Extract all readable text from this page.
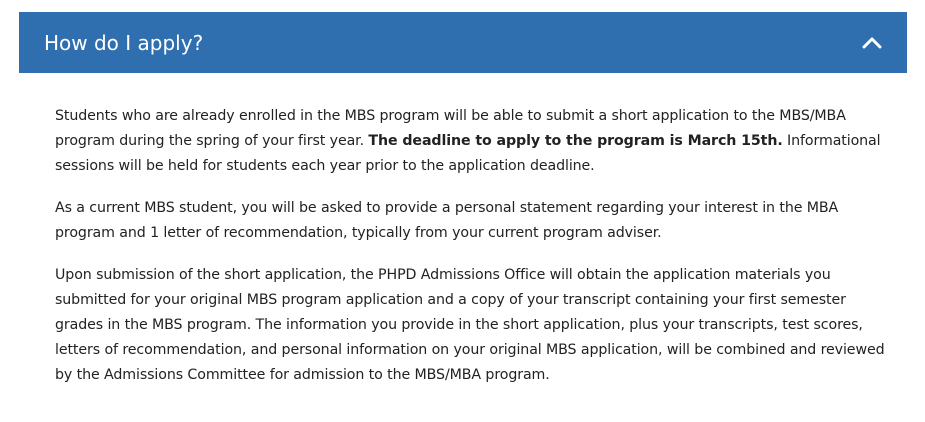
How do I apply?

Students who are already enrolled in the MBS program will be able to submit a short application to the MBS/MBA program during the spring of your first year. The deadline to apply to the program is March 15th. Informational sessions will be held for students each year prior to the application deadline.

As a current MBS student, you will be asked to provide a personal statement regarding your interest in the MBA program and 1 letter of recommendation, typically from your current program adviser.

Upon submission of the short application, the PHPD Admissions Office will obtain the application materials you submitted for your original MBS program application and a copy of your transcript containing your first semester grades in the MBS program. The information you provide in the short application, plus your transcripts, test scores, letters of recommendation, and personal information on your original MBS application, will be combined and reviewed by the Admissions Committee for admission to the MBS/MBA program.
